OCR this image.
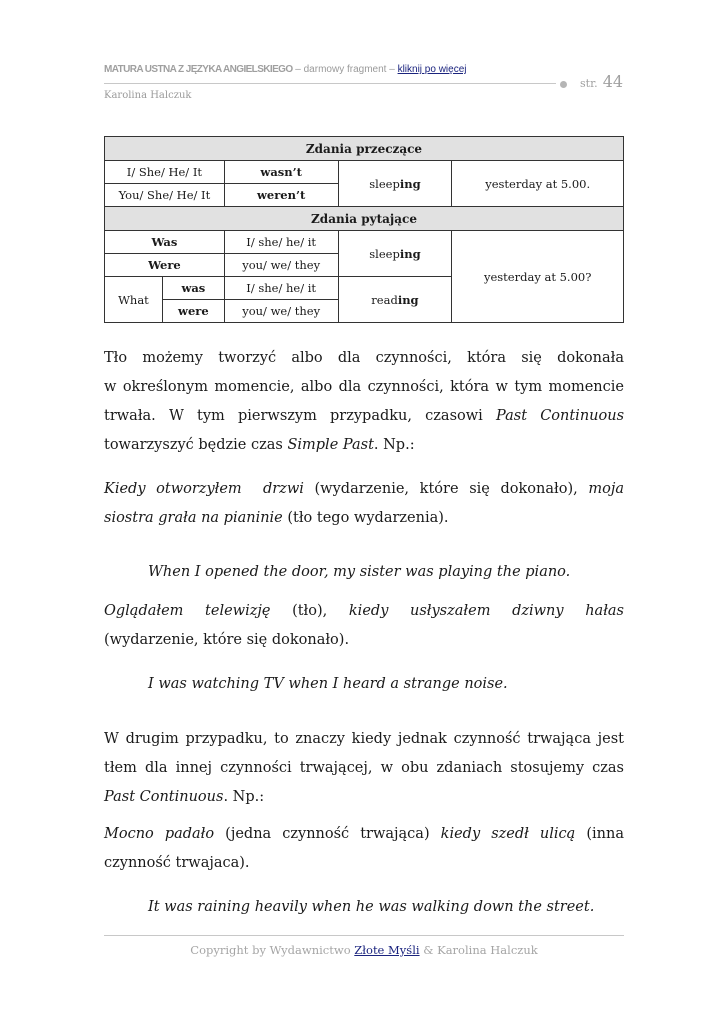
MATURA USTNA Z JĘZYKA ANGIELSKIEGO – darmowy fragment – kliknij po więcej
str. 44
Karolina Halczuk
Zdania przeczące				
I/ She/ He/ It		wasn’t	sleeping	yesterday at 5.00.
You/ She/ He/ It		weren’t		
Zdania pytające				
Was		I/ she/ he/ it	sleeping	yesterday at 5.00?
Were		you/ we/ they		
What	was	I/ she/ he/ it	reading	
	were	you/ we/ they		
Tło możemy tworzyć albo dla czynności, która się dokonała
w określonym momencie, albo dla czynności, która w tym momencie
trwała. W tym pierwszym przypadku, czasowi Past Continuous
towarzyszyć będzie czas Simple Past. Np.:
Kiedy otworzyłem  drzwi (wydarzenie, które się dokonało), moja
siostra grała na pianinie (tło tego wydarzenia).
When I opened the door, my sister was playing the piano.
Oglądałem telewizję (tło), kiedy usłyszałem dziwny hałas
(wydarzenie, które się dokonało).
I was watching TV when I heard a strange noise.
W drugim przypadku, to znaczy kiedy jednak czynność trwająca jest
tłem dla innej czynności trwającej, w obu zdaniach stosujemy czas
Past Continuous. Np.:
Mocno padało (jedna czynność trwająca) kiedy szedł ulicą (inna
czynność trwajaca).
It was raining heavily when he was walking down the street.
Copyright by Wydawnictwo Złote Myśli & Karolina Halczuk
